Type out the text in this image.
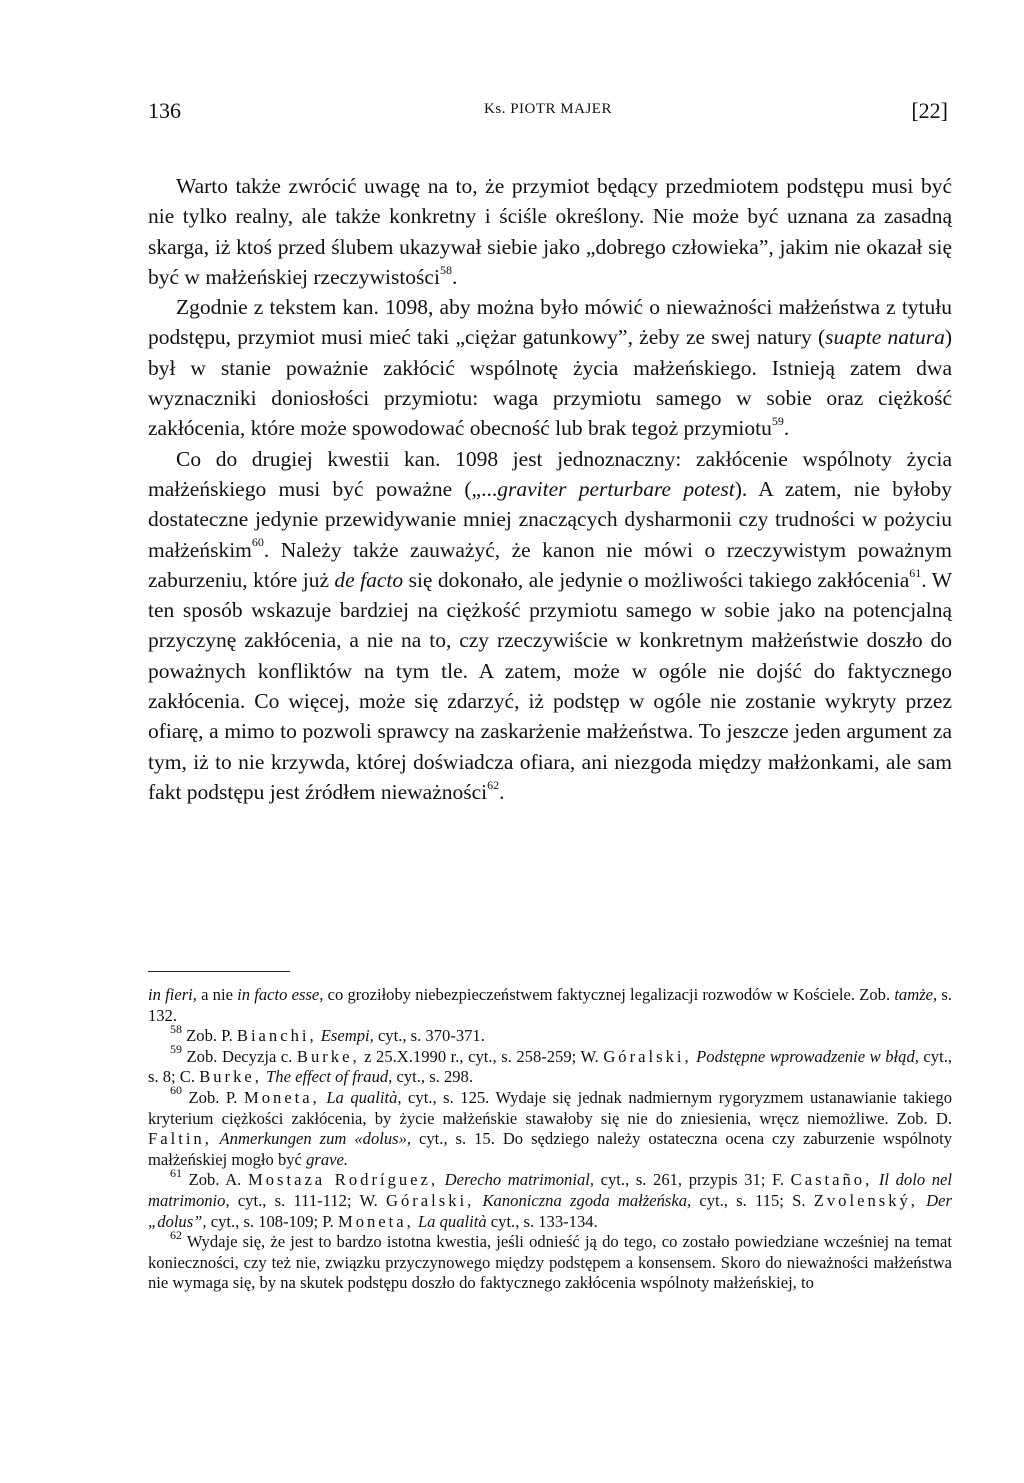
136	Ks. PIOTR MAJER	[22]

Warto także zwrócić uwagę na to, że przymiot będący przedmiotem podstępu musi być nie tylko realny, ale także konkretny i ściśle określony. Nie może być uznana za zasadną skarga, iż ktoś przed ślubem ukazywał siebie jako „dobrego człowieka”, jakim nie okazał się być w małżeńskiej rzeczywistości$^{58}$.

Zgodnie z tekstem kan. 1098, aby można było mówić o nieważności małżeństwa z tytułu podstępu, przymiot musi mieć taki „ciężar gatunkowy”, żeby ze swej natury (suapte natura) był w stanie poważnie zakłócić wspólnotę życia małżeńskiego. Istnieją zatem dwa wyznaczniki doniosłości przymiotu: waga przymiotu samego w sobie oraz ciężkość zakłócenia, które może spowodować obecność lub brak tegoż przymiotu$^{59}$.

Co do drugiej kwestii kan. 1098 jest jednoznaczny: zakłócenie wspólnoty życia małżeńskiego musi być poważne („...graviter perturbare potest). A zatem, nie byłoby dostateczne jedynie przewidywanie mniej znaczących dysharmonii czy trudności w pożyciu małżeńskim$^{60}$. Należy także zauważyć, że kanon nie mówi o rzeczywistym poważnym zaburzeniu, które już de facto się dokonało, ale jedynie o możliwości takiego zakłócenia$^{61}$. W ten sposób wskazuje bardziej na ciężkość przymiotu samego w sobie jako na potencjalną przyczynę zakłócenia, a nie na to, czy rzeczywiście w konkretnym małżeństwie doszło do poważnych konfliktów na tym tle. A zatem, może w ogóle nie dojść do faktycznego zakłócenia. Co więcej, może się zdarzyć, iż podstęp w ogóle nie zostanie wykryty przez ofiarę, a mimo to pozwoli sprawcy na zaskarżenie małżeństwa. To jeszcze jeden argument za tym, iż to nie krzywda, której doświadcza ofiara, ani niezgoda między małżonkami, ale sam fakt podstępu jest źródłem nieważności$^{62}$.

in fieri, a nie in facto esse, co groziłoby niebezpieczeństwem faktycznej legalizacji rozwodów w Kościele. Zob. tamże, s. 132.

$^{58}$ Zob. P. Bianchi, Esempi, cyt., s. 370-371.

$^{59}$ Zob. Decyzja c. Burke, z 25.X.1990 r., cyt., s. 258-259; W. Góralski, Podstępne wprowadzenie w błąd, cyt., s. 8; C. Burke, The effect of fraud, cyt., s. 298.

$^{60}$ Zob. P. Moneta, La qualità, cyt., s. 125. Wydaje się jednak nadmiernym rygoryzmem ustanawianie takiego kryterium ciężkości zakłócenia, by życie małżeńskie stawałoby się nie do zniesienia, wręcz niemożliwe. Zob. D. Faltin, Anmerkungen zum «dolus», cyt., s. 15. Do sędziego należy ostateczna ocena czy zaburzenie wspólnoty małżeńskiej mogło być grave.

$^{61}$ Zob. A. Mostaza Rodríguez, Derecho matrimonial, cyt., s. 261, przypis 31; F. Castaño, Il dolo nel matrimonio, cyt., s. 111-112; W. Góralski, Kanoniczna zgoda małżeńska, cyt., s. 115; S. Zvolenský, Der „dolus”, cyt., s. 108-109; P. Moneta, La qualità cyt., s. 133-134.

$^{62}$ Wydaje się, że jest to bardzo istotna kwestia, jeśli odnieść ją do tego, co zostało powiedziane wcześniej na temat konieczności, czy też nie, związku przyczynowego między podstępem a konsensem. Skoro do nieważności małżeństwa nie wymaga się, by na skutek podstępu doszło do faktycznego zakłócenia wspólnoty małżeńskiej, to
